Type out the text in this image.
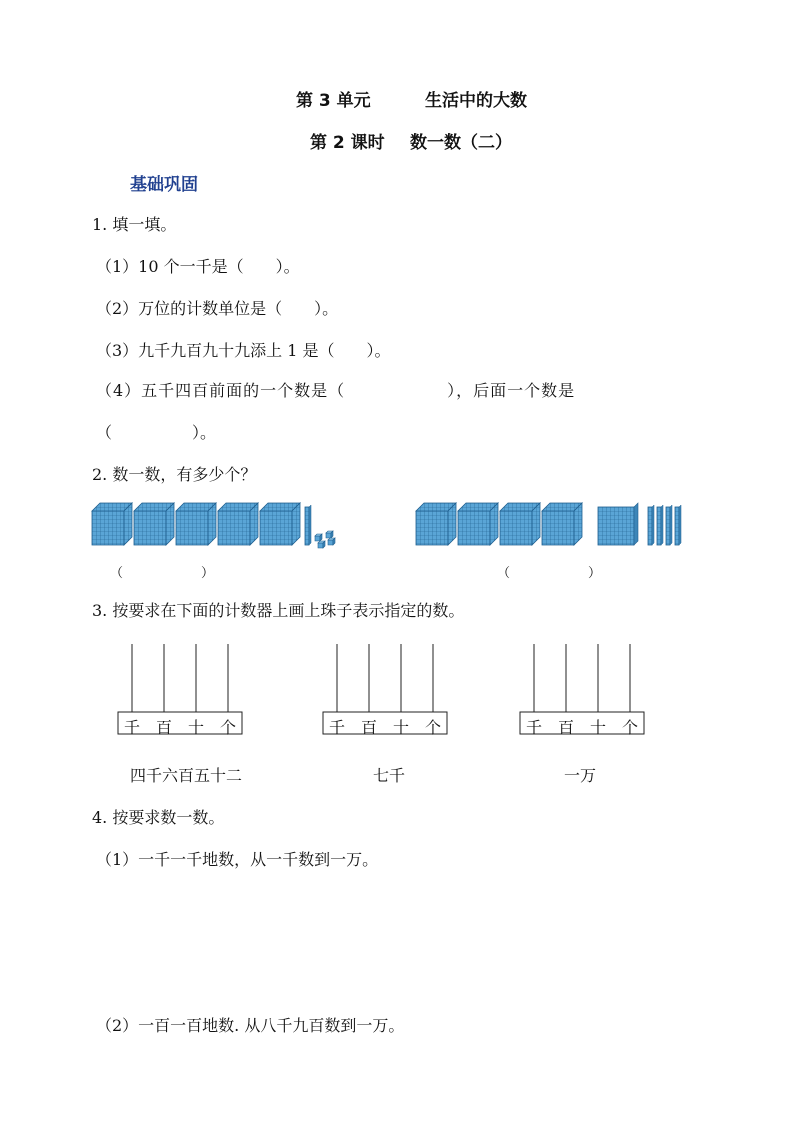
第 3 单元	生活中的大数
第 2 课时 数一数（二）
基础巩固
1. 填一填。
（1）10 个一千是（　　）。
（2）万位的计数单位是（　　）。
（3）九千九百九十九添上 1 是（　　）。
（4）五千四百前面的一个数是（　　　　　　），后面一个数是
（　　　　　）。
2. 数一数，有多少个？
（　　　　　　）	（　　　　　　）
3. 按要求在下面的计数器上画上珠子表示指定的数。
千 百 十 个	千 百 十 个	千 百 十 个
四千六百五十二	七千	一万
4. 按要求数一数。
（1）一千一千地数，从一千数到一万。
（2）一百一百地数. 从八千九百数到一万。
